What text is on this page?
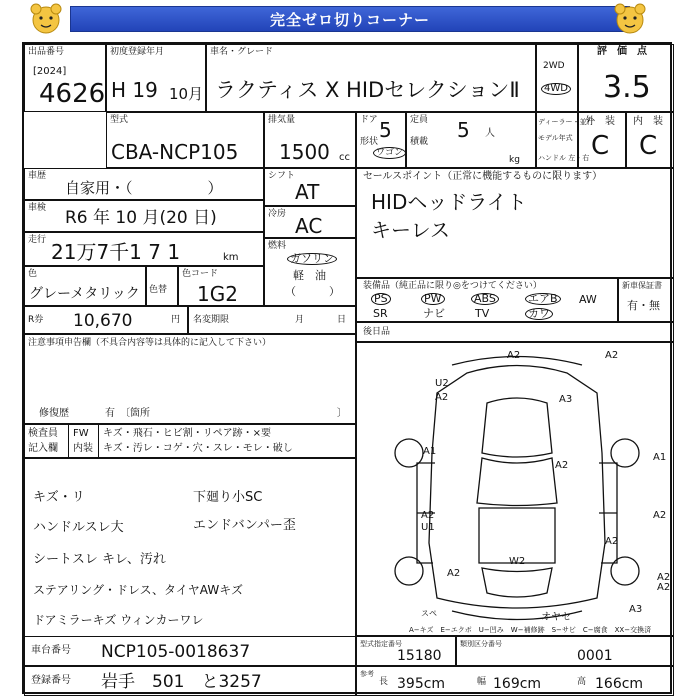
完全ゼロ切りコーナー
出品番号
[2024]
4626
初度登録年月
H 19 10月
車名・グレード
ラクティス X HIDセレクションⅡ
2WD
4WD
評　価　点
3.5
型式
CBA-NCP105
排気量
1500 cc
ドア 5
形状
ワゴン
定員 5 人
積載
kg
ディーラー・並行
モデル年式
ハンドル 左・右
外　装
C
内　装
C
車歴
自家用・（　　　　　）
車検 R6 年 10 月(20 日)
走行 21万7千1 7 1	km
色
グレーメタリック 色替
色コード
1G2
シフト
AT
冷房 AC
燃料
ガソリン
軽　油
（　　　）
R券 10,670	円 名変期限	月	日
注意事項申告欄（不具合内容等は具体的に記入して下さい）
修復歴	有　〔箇所	〕
検査員
記入欄
FW キズ・飛石・ヒビ割・リペア跡・×要
内装 キズ・汚レ・コゲ・穴・スレ・モレ・破し
キズ・リ
ハンドルスレ大
シートスレ キレ、汚れ
ステアリング・ドレス、タイヤAWキズ
ドアミラーキズ ウィンカーワレ
下廻り小SC
エンドバンパー歪
セールスポイント（正常に機能するものに限ります）
HIDヘッドライト
キーレス
装備品（純正品に限り◎をつけてください）
PS	PW	ABS	エアB AW
SR	ナビ	TV	カワ
新車保証書
有・無
後日品
A2	A2
U2
A2	A3
A1
A2
A1
A2	A2
U1
A2
W2
A2	A2
A2
A3
スペ	オヤセ
A−キズ　E−エクボ　U−凹み　W−補修跡　S−サビ　C−腐食　XX−交換済
車台番号 NCP105-0018637
登録番号 岩手　501　と3257
型式指定番号
15180
類別区分番号
0001
参考
長 395cm	幅 169cm	高 166cm
